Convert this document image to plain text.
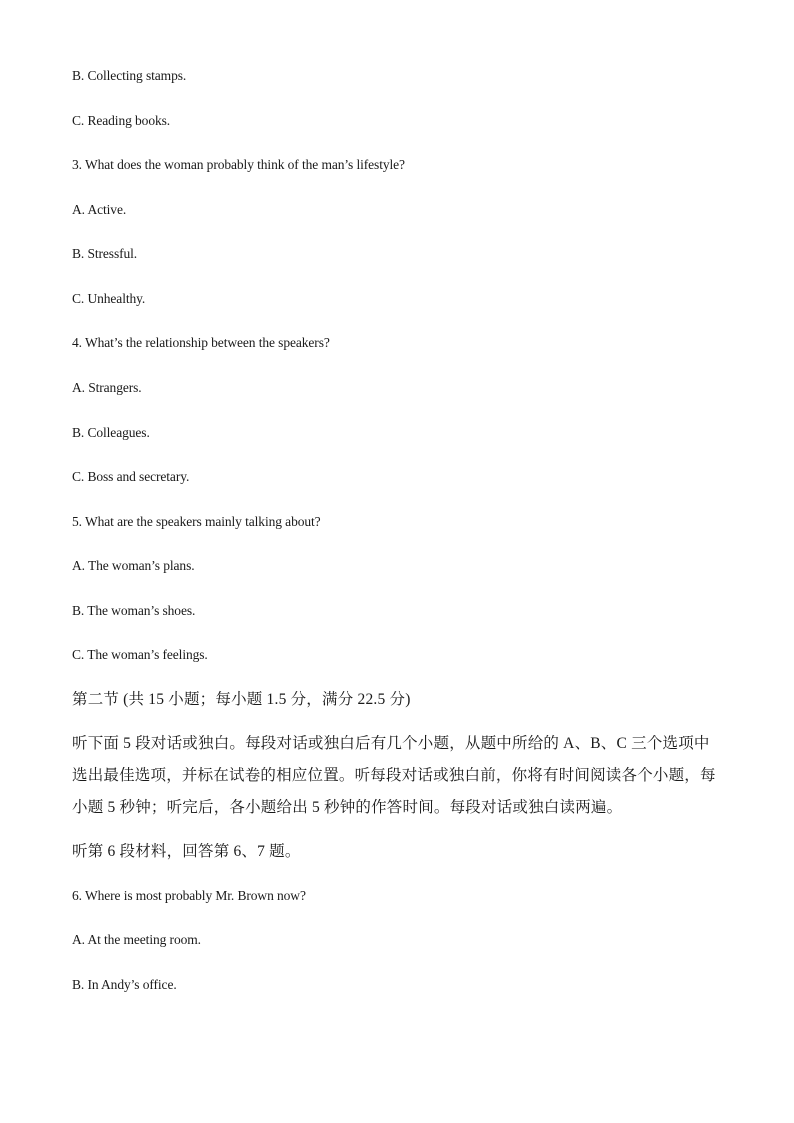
B. Collecting stamps.
C. Reading books.
3. What does the woman probably think of the man’s lifestyle?
A. Active.
B. Stressful.
C. Unhealthy.
4. What’s the relationship between the speakers?
A. Strangers.
B. Colleagues.
C. Boss and secretary.
5. What are the speakers mainly talking about?
A. The woman’s plans.
B. The woman’s shoes.
C. The woman’s feelings.
第二节 (共 15 小题；每小题 1.5 分，满分 22.5 分)
听下面 5 段对话或独白。每段对话或独白后有几个小题，从题中所给的 A、B、C 三个选项中
选出最佳选项，并标在试卷的相应位置。听每段对话或独白前，你将有时间阅读各个小题，每
小题 5 秒钟；听完后，各小题给出 5 秒钟的作答时间。每段对话或独白读两遍。
听第 6 段材料，回答第 6、7 题。
6. Where is most probably Mr. Brown now?
A. At the meeting room.
B. In Andy’s office.
